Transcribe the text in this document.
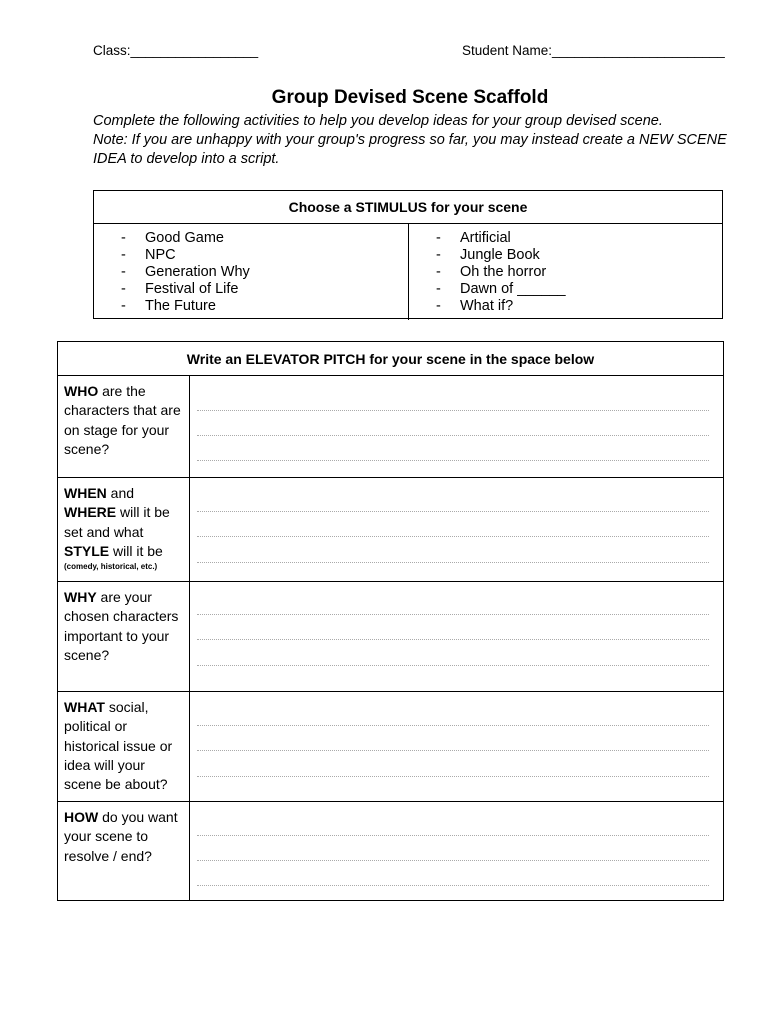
Class:_________________	Student Name:_______________________
Group Devised Scene Scaffold

Complete the following activities to help you develop ideas for your group devised scene.

Note: If you are unhappy with your group's progress so far, you may instead create a NEW SCENE IDEA to develop into a script.

Choose a STIMULUS for your scene
-	Good Game
-	NPC
-	Generation Why
-	Festival of Life
-	The Future
-	Artificial
-	Jungle Book
-	Oh the horror
-	Dawn of ______
-	What if?
Write an ELEVATOR PITCH for your scene in the space below
WHO are the characters that are on stage for your scene?
WHEN and WHERE will it be set and what STYLE will it be
(comedy, historical, etc.)
WHY are your chosen characters important to your scene?
WHAT social, political or historical issue or idea will your scene be about?
HOW do you want your scene to resolve / end?
